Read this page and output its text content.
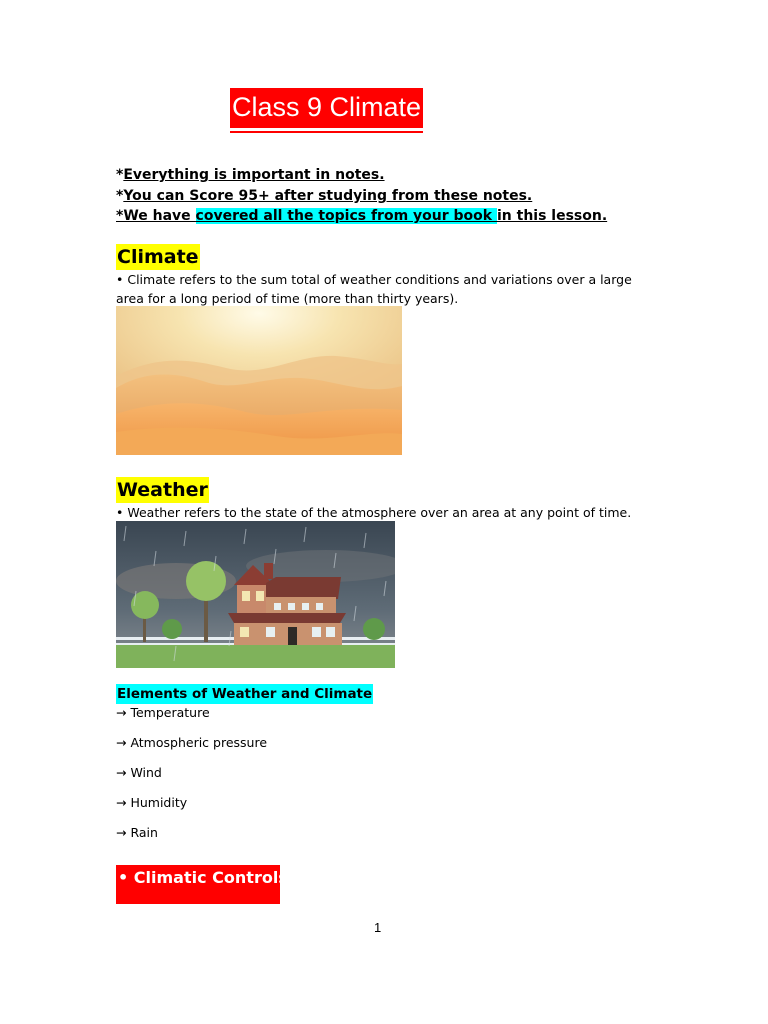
Class 9 Climate
*Everything is important in notes.
*You can Score 95+ after studying from these notes.
*We have covered all the topics from your book in this lesson.
Climate
• Climate refers to the sum total of weather conditions and variations over a large area for a long period of time (more than thirty years).
Weather
• Weather refers to the state of the atmosphere over an area at any point of time.
Elements of Weather and Climate
→ Temperature
→ Atmospheric pressure
→ Wind
→ Humidity
→ Rain
• Climatic Controls
1
